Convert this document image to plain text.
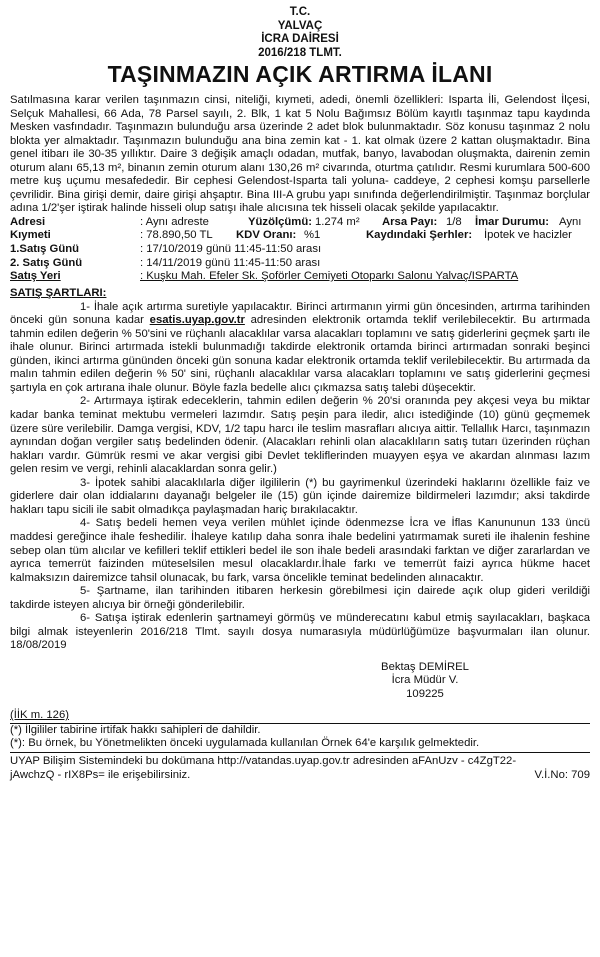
T.C.
YALVAÇ
İCRA DAİRESİ
2016/218 TLMT.
TAŞINMAZIN AÇIK ARTIRMA İLANI

Satılmasına karar verilen taşınmazın cinsi, niteliği, kıymeti, adedi, önemli özellikleri: Isparta İli, Gelendost İlçesi, Selçuk Mahallesi, 66 Ada, 78 Parsel sayılı, 2. Blk, 1 kat 5 Nolu Bağımsız Bölüm kayıtlı taşınmaz tapu kaydında Mesken vasfındadır. Taşınmazın bulunduğu arsa üzerinde 2 adet blok bulunmaktadır. Söz konusu taşınmaz 2 nolu blokta yer almaktadır. Taşınmazın bulunduğu ana bina zemin kat - 1. kat olmak üzere 2 kattan oluşmaktadır. Bina genel itibarı ile 30-35 yıllıktır. Daire 3 değişik amaçlı odadan, mutfak, banyo, lavabodan oluşmakta, dairenin zemin oturum alanı 65,13 m², binanın zemin oturum alanı 130,26 m² civarında, oturtma çatılıdır. Resmi kurumlara 500-600 metre kuş uçumu mesafededir. Bir cephesi Gelendost-Isparta tali yoluna- caddeye, 2 cephesi komşu parsellerle çevrilidir. Bina girişi demir, daire girişi ahşaptır. Bina III-A grubu yapı sınıfında değerlendirilmiştir. Taşınmaz borçlular adına 1/2'şer iştirak halinde hisseli olup satışı ihale alıcısına tek hisseli olacak şekilde yapılacaktır.

Adresi	: Aynı adreste	Yüzölçümü: 1.274 m² Arsa Payı: 1/8 İmar Durumu: Aynı
Kıymeti	: 78.890,50 TL KDV Oranı: %1	Kaydındaki Şerhler: İpotek ve hacizler
1.Satış Günü	: 17/10/2019 günü 11:45-11:50 arası
2. Satış Günü	: 14/11/2019 günü 11:45-11:50 arası
Satış Yeri	: Kuşku Mah. Efeler Sk. Şoförler Cemiyeti Otoparkı Salonu Yalvaç/ISPARTA
SATIŞ ŞARTLARI:

1- İhale açık artırma suretiyle yapılacaktır. Birinci artırmanın yirmi gün öncesinden, artırma tarihinden önceki gün sonuna kadar esatis.uyap.gov.tr adresinden elektronik ortamda teklif verilebilecektir. Bu artırmada tahmin edilen değerin % 50'sini ve rüçhanlı alacaklılar varsa alacakları toplamını ve satış giderlerini geçmek şartı ile ihale olunur. Birinci artırmada istekli bulunmadığı takdirde elektronik ortamda birinci artırmadan sonraki beşinci günden, ikinci artırma gününden önceki gün sonuna kadar elektronik ortamda teklif verilebilecektir. Bu artırmada da malın tahmin edilen değerin % 50' sini, rüçhanlı alacaklılar varsa alacakları toplamını ve satış giderlerini geçmesi şartıyla en çok artırana ihale olunur. Böyle fazla bedelle alıcı çıkmazsa satış talebi düşecektir.

2- Artırmaya iştirak edeceklerin, tahmin edilen değerin % 20'si oranında pey akçesi veya bu miktar kadar banka teminat mektubu vermeleri lazımdır. Satış peşin para iledir, alıcı istediğinde (10) günü geçmemek üzere süre verilebilir. Damga vergisi, KDV, 1/2 tapu harcı ile teslim masrafları alıcıya aittir. Tellallık Harcı, taşınmazın aynından doğan vergiler satış bedelinden ödenir. (Alacakları rehinli olan alacaklıların satış tutarı üzerinden rüçhan hakları vardır. Gümrük resmi ve akar vergisi gibi Devlet tekliflerinden muayyen eşya ve akardan alınması lazım gelen resim ve vergi, rehinli alacaklardan sonra gelir.)

3- İpotek sahibi alacaklılarla diğer ilgililerin (*) bu gayrimenkul üzerindeki haklarını özellikle faiz ve giderlere dair olan iddialarını dayanağı belgeler ile (15) gün içinde dairemize bildirmeleri lazımdır; aksi takdirde hakları tapu sicili ile sabit olmadıkça paylaşmadan hariç bırakılacaktır.

4- Satış bedeli hemen veya verilen mühlet içinde ödenmezse İcra ve İflas Kanununun 133 üncü maddesi gereğince ihale feshedilir. İhaleye katılıp daha sonra ihale bedelini yatırmamak sureti ile ihalenin feshine sebep olan tüm alıcılar ve kefilleri teklif ettikleri bedel ile son ihale bedeli arasındaki farktan ve diğer zararlardan ve ayrıca temerrüt faizinden müteselsilen mesul olacaklardır.İhale farkı ve temerrüt faizi ayrıca hükme hacet kalmaksızın dairemizce tahsil olunacak, bu fark, varsa öncelikle teminat bedelinden alınacaktır.

5- Şartname, ilan tarihinden itibaren herkesin görebilmesi için dairede açık olup gideri verildiği takdirde isteyen alıcıya bir örneği gönderilebilir.

6- Satışa iştirak edenlerin şartnameyi görmüş ve münderecatını kabul etmiş sayılacakları, başkaca bilgi almak isteyenlerin 2016/218 Tlmt. sayılı dosya numarasıyla müdürlüğümüze başvurmaları ilan olunur. 18/08/2019

Bektaş DEMİREL
İcra Müdür V.
109225
(İİK m. 126)
(*) İlgililer tabirine irtifak hakkı sahipleri de dahildir.
(*): Bu örnek, bu Yönetmelikten önceki uygulamada kullanılan Örnek 64'e karşılık gelmektedir.
UYAP Bilişim Sistemindeki bu dokümana http://vatandas.uyap.gov.tr adresinden aFAnUzv - c4ZgT22-
jAwchzQ - rIX8Ps= ile erişebilirsiniz.	V.İ.No: 709
